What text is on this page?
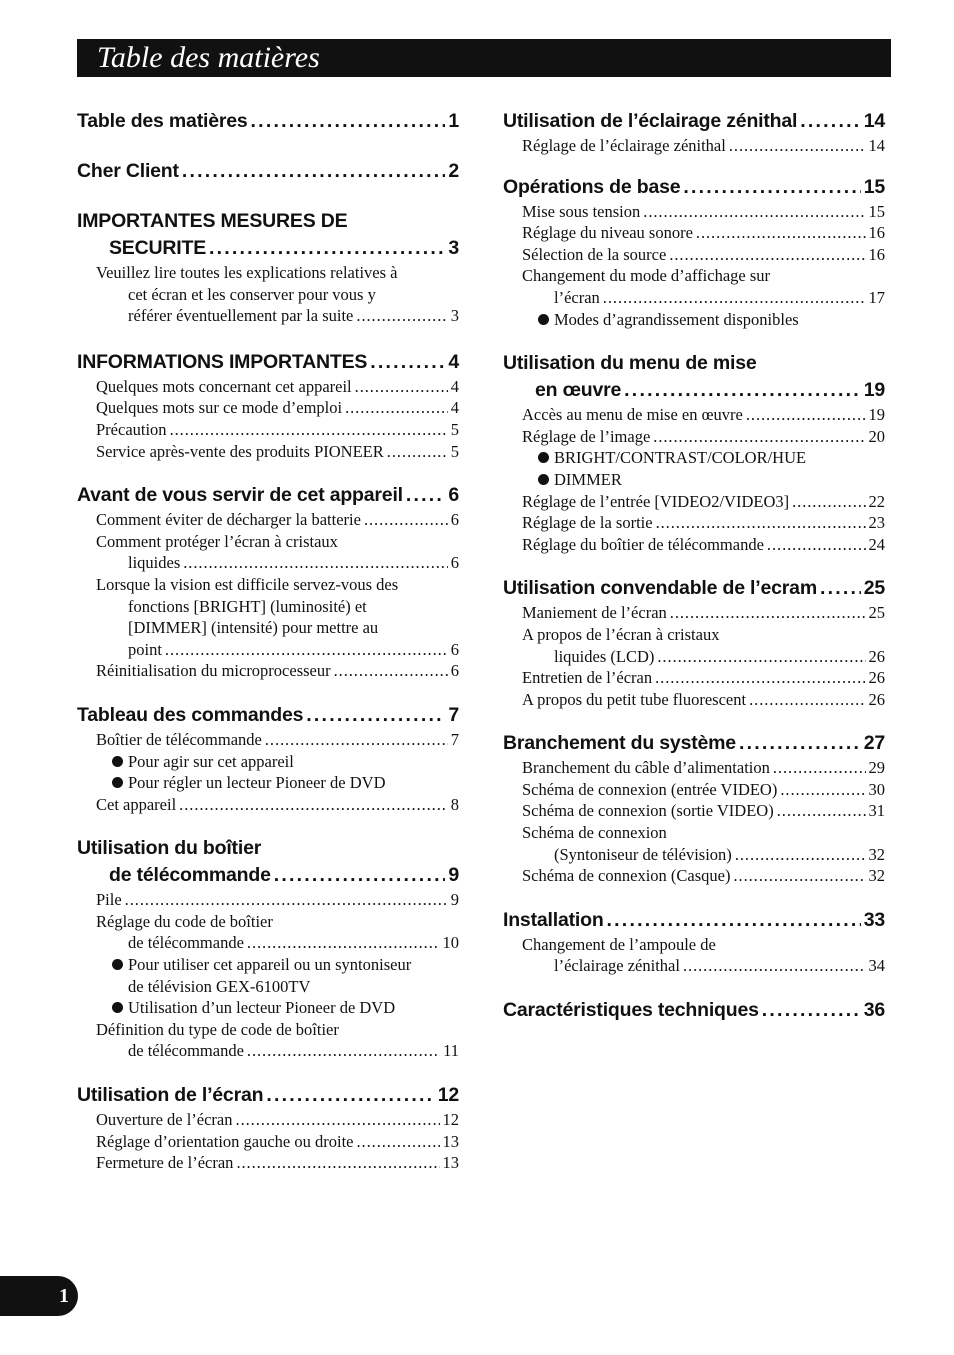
Table des matières
Table des matières . . .	1
Cher Client . . .	2
IMPORTANTES MESURES DE
SECURITE . . .	3
Veuillez lire toutes les explications relatives à
cet écran et les conserver pour vous y
référer éventuellement par la suite . . .	3
INFORMATIONS IMPORTANTES . . .	4
Quelques mots concernant cet appareil . . .	4
Quelques mots sur ce mode d’emploi . . .	4
Précaution . . .	5
Service après-vente des produits PIONEER . . .	5
Avant de vous servir de cet appareil . . . 6
Comment éviter de décharger la batterie . . .	6
Comment protéger l’écran à cristaux
liquides . . .	6
Lorsque la vision est difficile servez-vous des
fonctions [BRIGHT] (luminosité) et
[DIMMER] (intensité) pour mettre au
point . . .	6
Réinitialisation du microprocesseur . . .	6
Tableau des commandes . . .	7
Boîtier de télécommande . . .	7
Pour agir sur cet appareil
Pour régler un lecteur Pioneer de DVD
Cet appareil . . .	8
Utilisation du boîtier
de télécommande . . .	9
Pile . . .	9
Réglage du code de boîtier
de télécommande . . .	10
Pour utiliser cet appareil ou un syntoniseur
de télévision GEX-6100TV
Utilisation d’un lecteur Pioneer de DVD
Définition du type de code de boîtier
de télécommande . . .	11
Utilisation de l’écran . . .	12
Ouverture de l’écran . . .	12
Réglage d’orientation gauche ou droite . . .	13
Fermeture de l’écran . . .	13
Utilisation de l’éclairage zénithal . . .	14
Réglage de l’éclairage zénithal . . .	14
Opérations de base . . .	15
Mise sous tension . . .	15
Réglage du niveau sonore . . .	16
Sélection de la source . . .	16
Changement du mode d’affichage sur
l’écran . . .	17
Modes d’agrandissement disponibles
Utilisation du menu de mise
en œuvre . . .	19
Accès au menu de mise en œuvre . . .	19
Réglage de l’image . . .	20
BRIGHT/CONTRAST/COLOR/HUE
DIMMER
Réglage de l’entrée [VIDEO2/VIDEO3] . . .	22
Réglage de la sortie . . .	23
Réglage du boîtier de télécommande . . .	24
Utilisation convendable de l’ecram . . . 25
Maniement de l’écran . . .	25
A propos de l’écran à cristaux
liquides (LCD) . . .	26
Entretien de l’écran . . .	26
A propos du petit tube fluorescent . . .	26
Branchement du système . . .	27
Branchement du câble d’alimentation . . .	29
Schéma de connexion (entrée VIDEO) . . .	30
Schéma de connexion (sortie VIDEO) . . .	31
Schéma de connexion
(Syntoniseur de télévision) . . .	32
Schéma de connexion (Casque) . . .	32
Installation . . .	33
Changement de l’ampoule de
l’éclairage zénithal . . .	34
Caractéristiques techniques . . .	36
1
